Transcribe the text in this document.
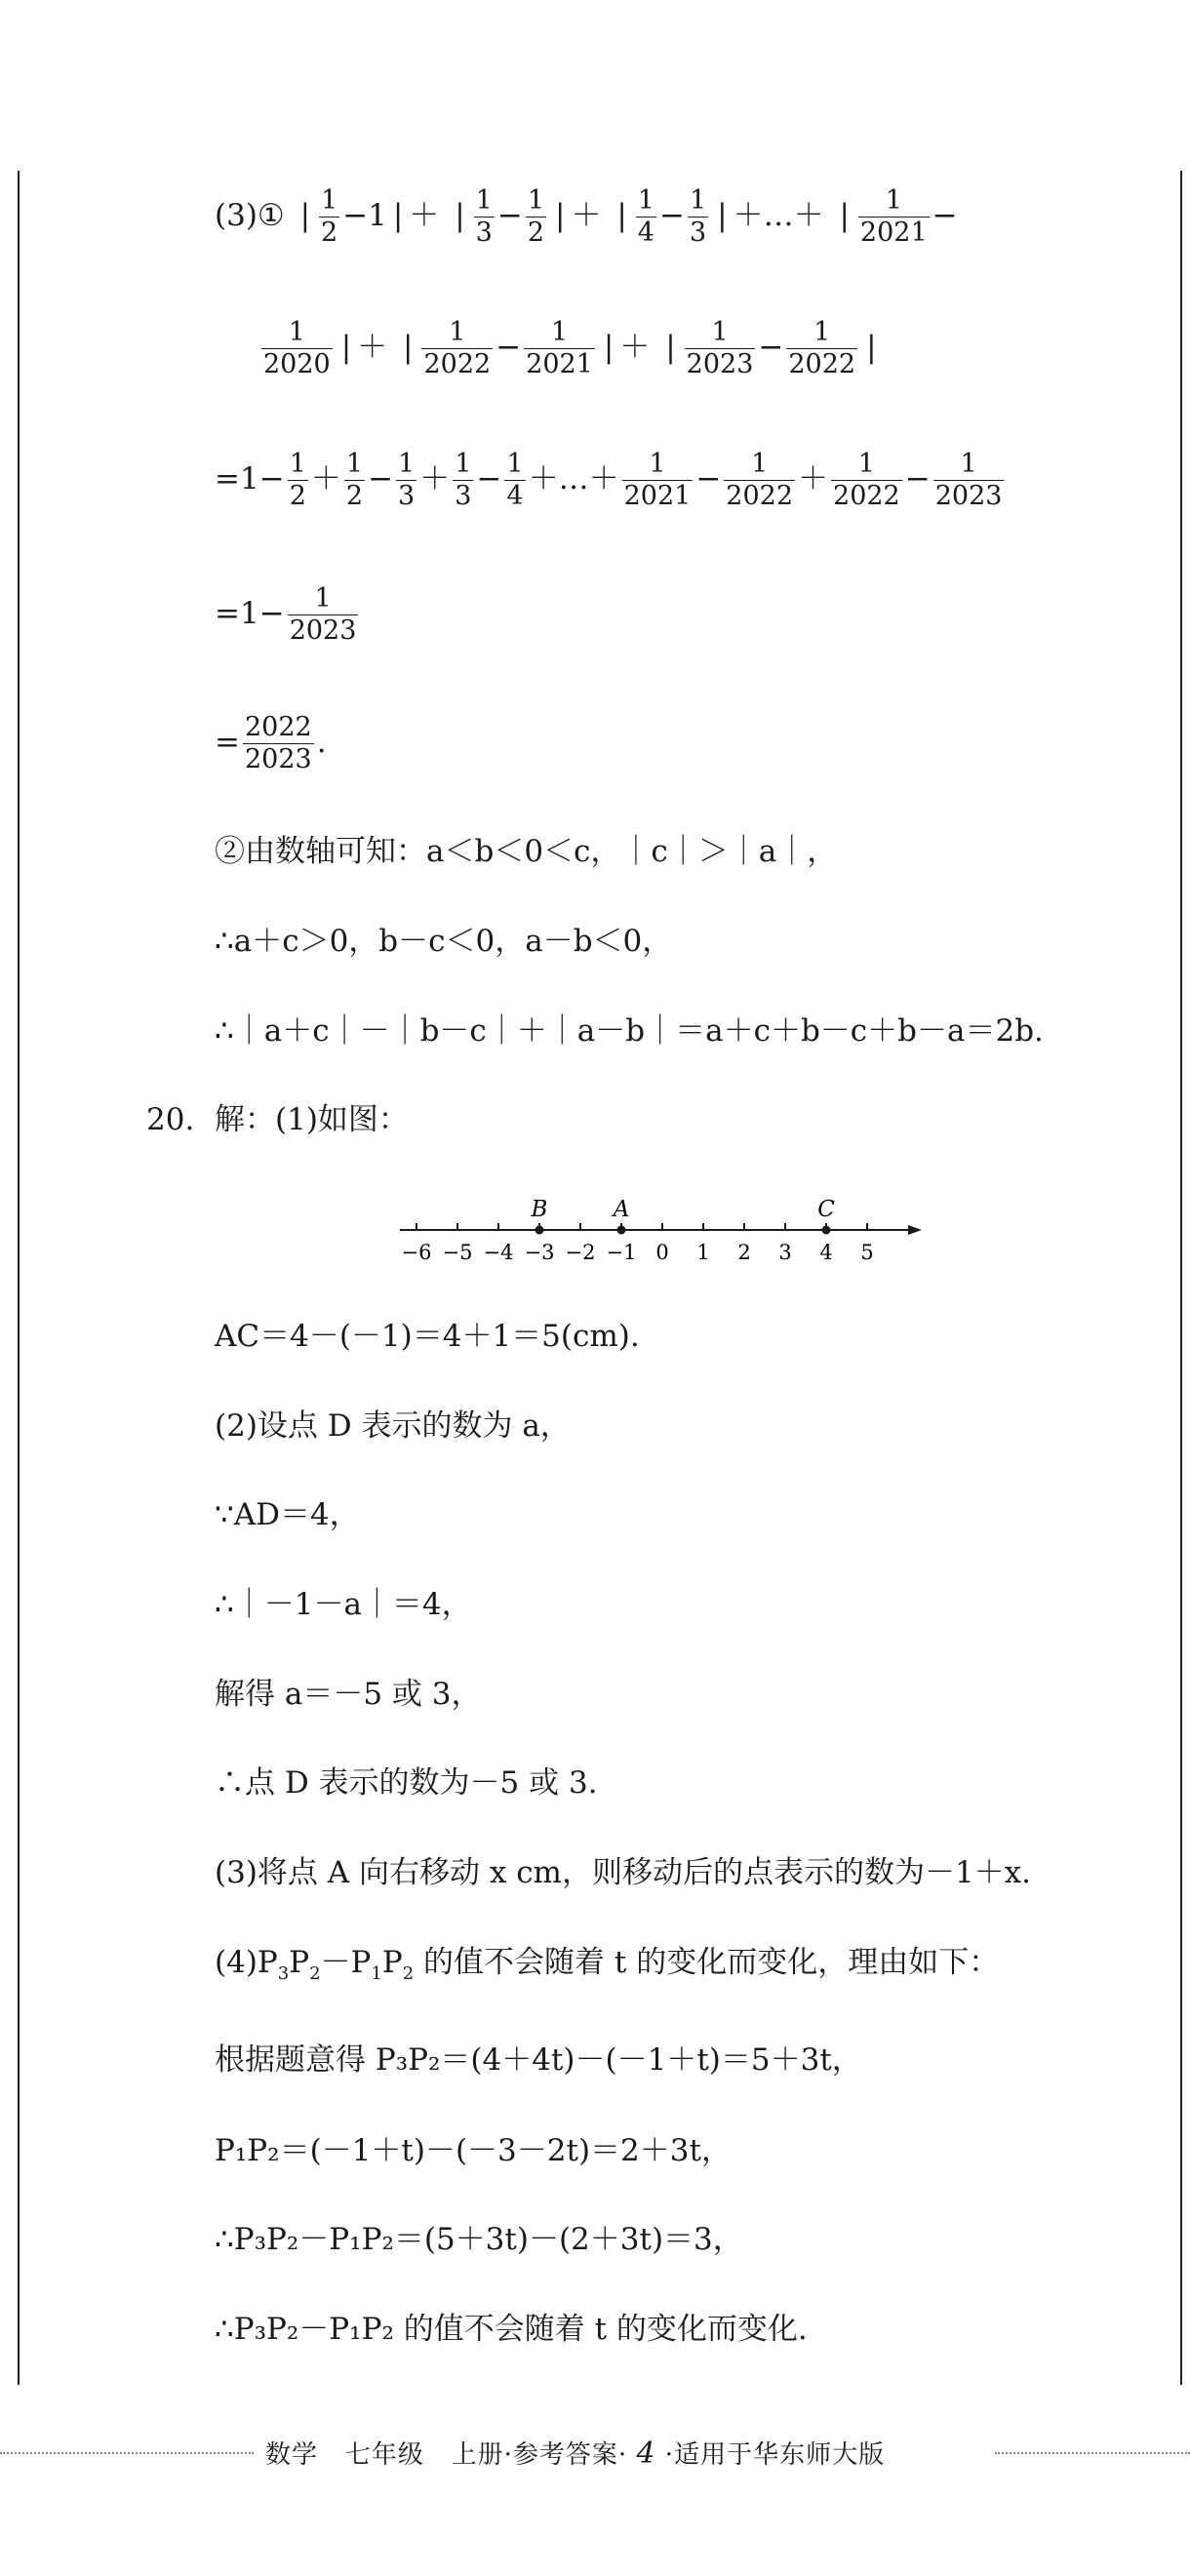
(3)① | $\frac{1}{2} -1$ | ＋ | $\frac{1}{3} - \frac{1}{2}$ | ＋ | $\frac{1}{4} - \frac{1}{3}$ | ＋…＋ | $\frac{1}{2021}$ −
$\frac{1}{2020}$ | ＋ | $\frac{1}{2022} - \frac{1}{2021}$ | ＋ | $\frac{1}{2023} - \frac{1}{2022}$ |
$=1- \frac{1}{2} + \frac{1}{2} - \frac{1}{3} + \frac{1}{3} - \frac{1}{4}$ ＋…＋ $\frac{1}{2021} - \frac{1}{2022} + \frac{1}{2022} - \frac{1}{2023}$
$=1- \frac{1}{2023}$
= $\frac{2022}{2023}$ .
②由数轴可知：a＜b＜0＜c，｜c｜＞｜a｜，
∴a＋c＞0，b－c＜0，a－b＜0，
∴｜a＋c｜－｜b－c｜＋｜a－b｜＝a＋c＋b－c＋b－a＝2b.
20. 解：(1)如图：
−6 −5 −4 −3 −2 −1 0 1 2 3 4 5
B	A	C
AC＝4－(－1)＝4＋1＝5(cm).
(2)设点 D 表示的数为 a，
∵AD＝4，
∴｜－1－a｜＝4，
解得 a＝－5 或 3，
∴点 D 表示的数为－5 或 3.
(3)将点 A 向右移动 x cm，则移动后的点表示的数为－1＋x.
$(4)P_3P_2-P_1P_2$ 的值不会随着 t 的变化而变化，理由如下：
根据题意得 P₃P₂＝(4＋4t)－(－1＋t)＝5＋3t，
P₁P₂＝(－1＋t)－(－3－2t)＝2＋3t，
∴P₃P₂－P₁P₂＝(5＋3t)－(2＋3t)＝3，
∴P₃P₂－P₁P₂ 的值不会随着 t 的变化而变化.
数学 七年级 上册·参考答案· 4 ·适用于华东师大版
